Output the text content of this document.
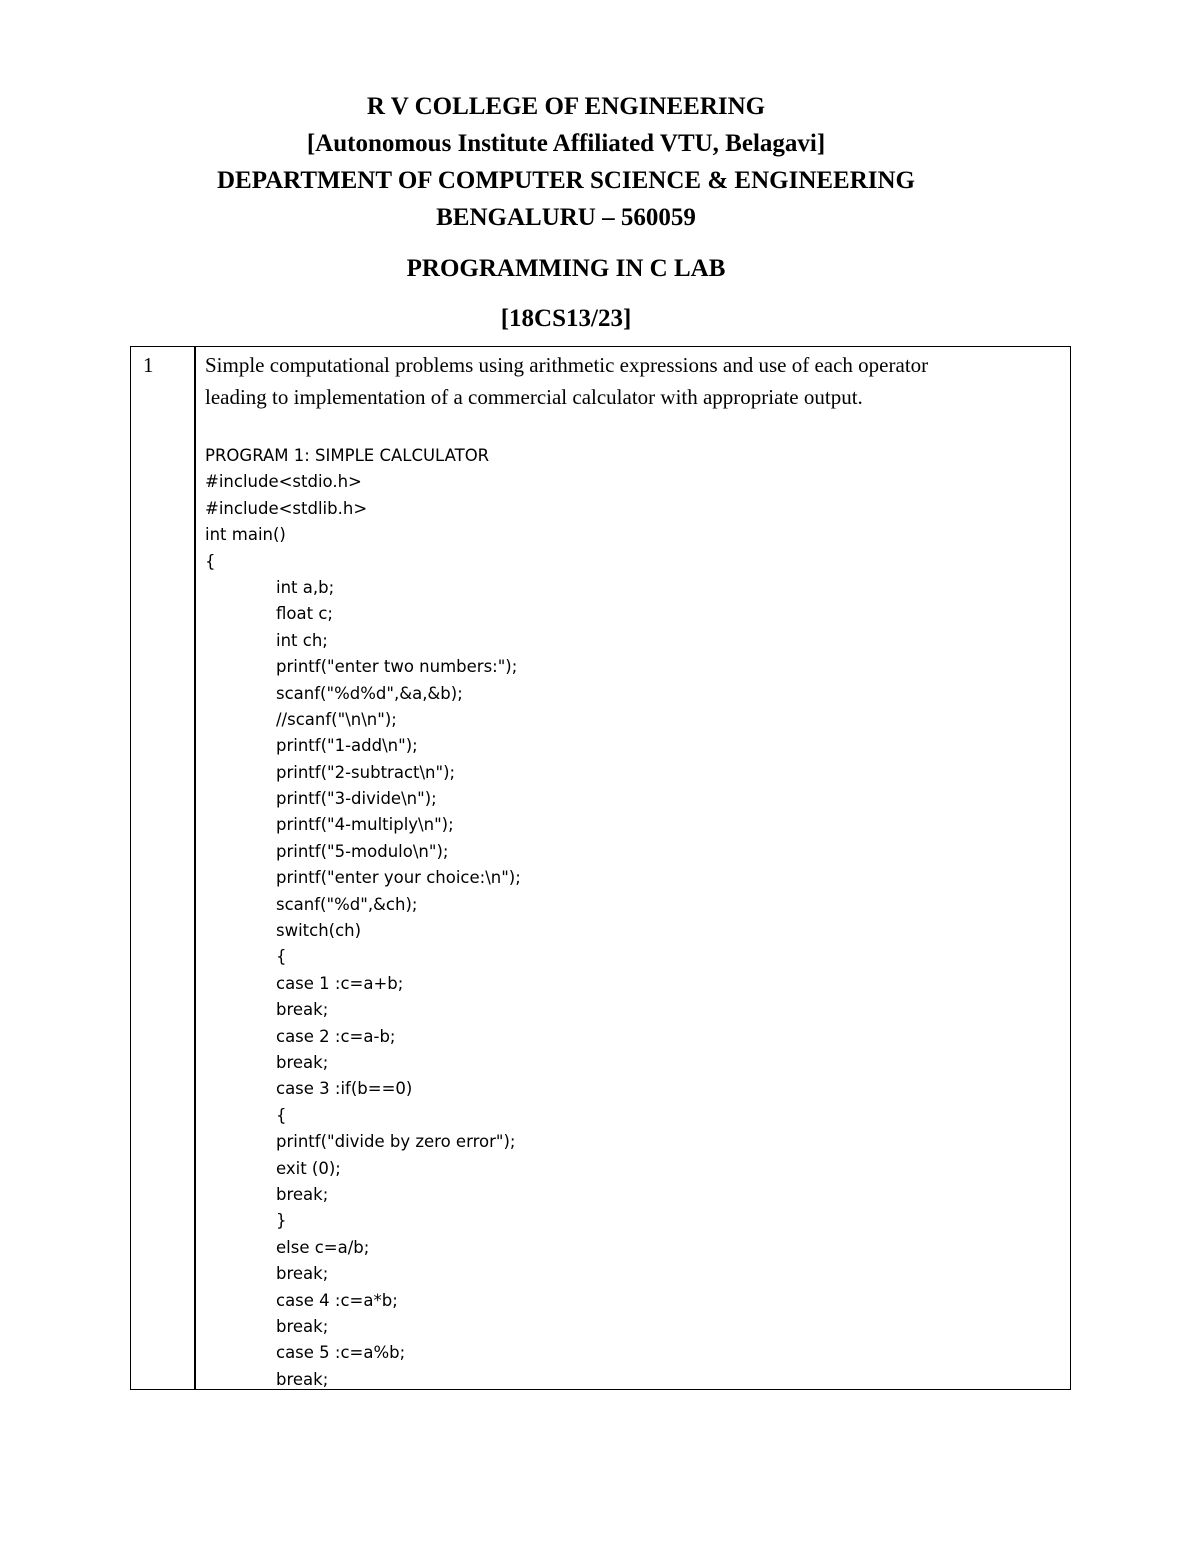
R V COLLEGE OF ENGINEERING
[Autonomous Institute Affiliated VTU, Belagavi]
DEPARTMENT OF COMPUTER SCIENCE & ENGINEERING
BENGALURU – 560059
PROGRAMMING IN C LAB
[18CS13/23]
1 Simple computational problems using arithmetic expressions and use of each operator
leading to implementation of a commercial calculator with appropriate output.
PROGRAM 1: SIMPLE CALCULATOR
#include<stdio.h>
#include<stdlib.h>
int main()
{
int a,b;
float c;
int ch;
printf("enter two numbers:");
scanf("%d%d",&a,&b);
//scanf("\n\n");
printf("1-add\n");
printf("2-subtract\n");
printf("3-divide\n");
printf("4-multiply\n");
printf("5-modulo\n");
printf("enter your choice:\n");
scanf("%d",&ch);
switch(ch)
{
case 1 :c=a+b;
break;
case 2 :c=a-b;
break;
case 3 :if(b==0)
{
printf("divide by zero error");
exit (0);
break;
}
else c=a/b;
break;
case 4 :c=a*b;
break;
case 5 :c=a%b;
break;
